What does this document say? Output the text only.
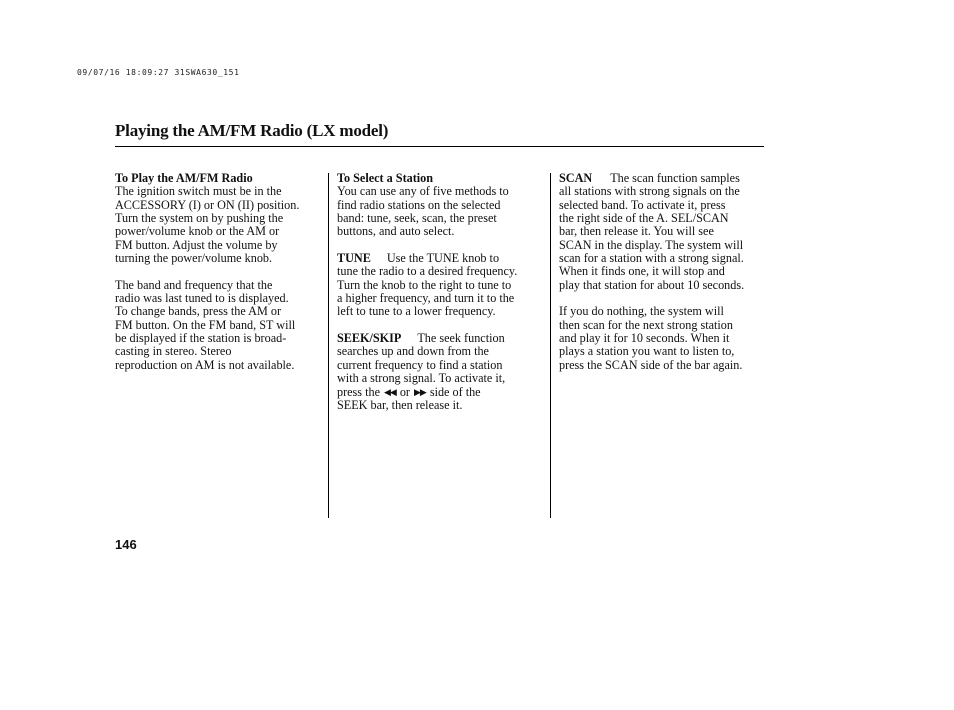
09/07/16 18:09:27 31SWA630_151
Playing the AM/FM Radio (LX model)
To Play the AM/FM Radio

The ignition switch must be in the
ACCESSORY (I) or ON (II) position.
Turn the system on by pushing the
power/volume knob or the AM or
FM button. Adjust the volume by
turning the power/volume knob.

The band and frequency that the
radio was last tuned to is displayed.
To change bands, press the AM or
FM button. On the FM band, ST will
be displayed if the station is broad-
casting in stereo. Stereo
reproduction on AM is not available.

To Select a Station

You can use any of five methods to
find radio stations on the selected
band: tune, seek, scan, the preset
buttons, and auto select.

TUNE Use the TUNE knob to
tune the radio to a desired frequency.
Turn the knob to the right to tune to
a higher frequency, and turn it to the
left to tune to a lower frequency.

SEEK/SKIP The seek function
searches up and down from the
current frequency to find a station
with a strong signal. To activate it,
press the ◀◀ or ▶▶ side of the
SEEK bar, then release it.

SCAN The scan function samples
all stations with strong signals on the
selected band. To activate it, press
the right side of the A. SEL/SCAN
bar, then release it. You will see
SCAN in the display. The system will
scan for a station with a strong signal.
When it finds one, it will stop and
play that station for about 10 seconds.

If you do nothing, the system will
then scan for the next strong station
and play it for 10 seconds. When it
plays a station you want to listen to,
press the SCAN side of the bar again.

146
